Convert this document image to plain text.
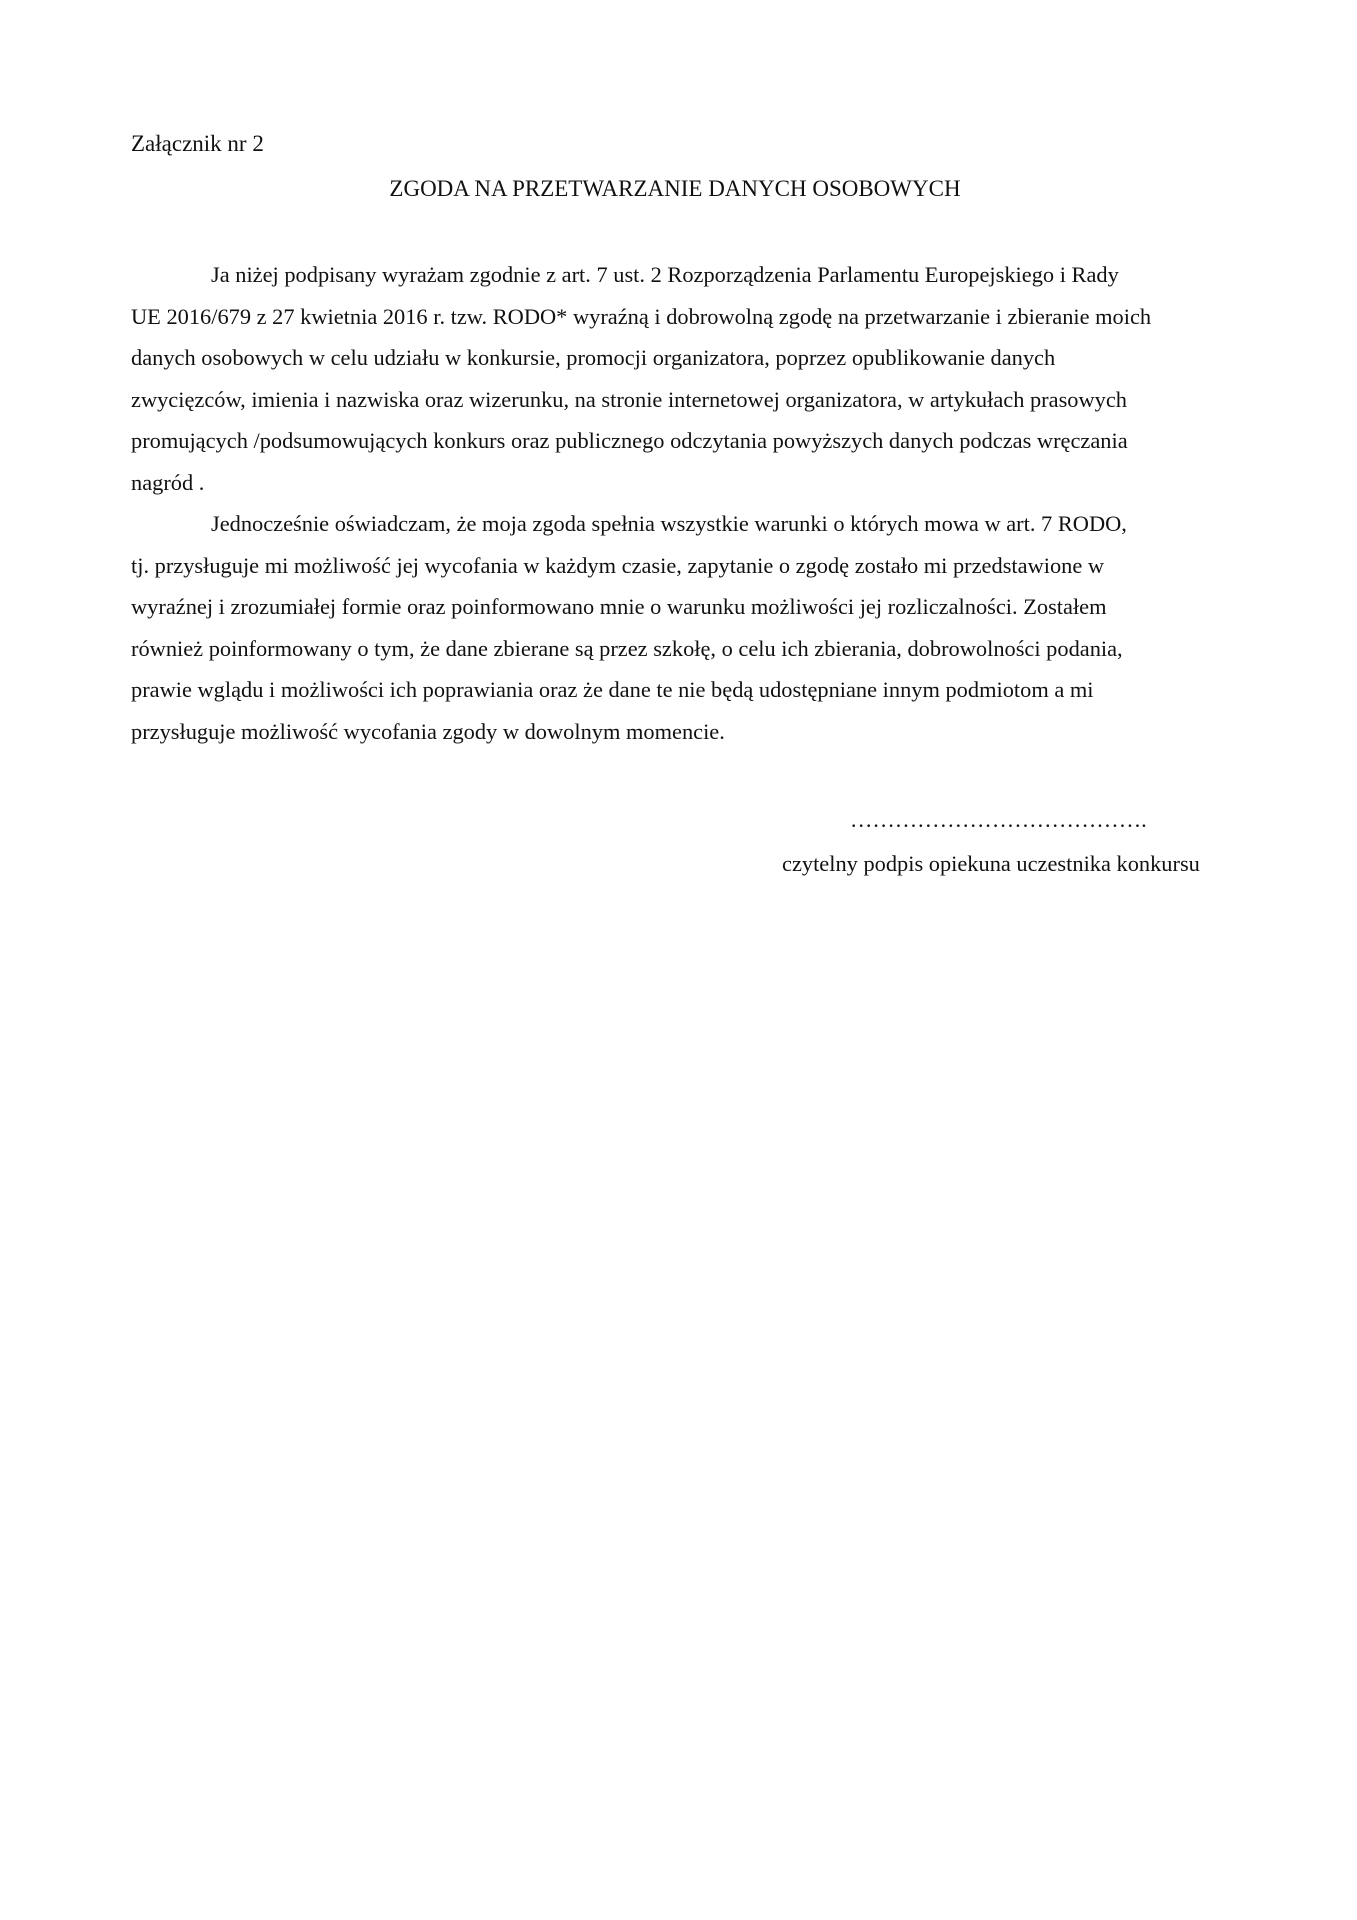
Załącznik nr 2
ZGODA NA PRZETWARZANIE DANYCH OSOBOWYCH
Ja niżej podpisany wyrażam zgodnie z art. 7 ust. 2 Rozporządzenia Parlamentu Europejskiego i Rady
UE 2016/679 z 27 kwietnia 2016 r. tzw. RODO* wyraźną i dobrowolną zgodę na przetwarzanie i zbieranie moich
danych osobowych w celu udziału w konkursie, promocji organizatora, poprzez opublikowanie danych
zwycięzców, imienia i nazwiska oraz wizerunku, na stronie internetowej organizatora, w artykułach prasowych
promujących /podsumowujących konkurs oraz publicznego odczytania powyższych danych podczas wręczania
nagród .
Jednocześnie oświadczam, że moja zgoda spełnia wszystkie warunki o których mowa w art. 7 RODO,
tj. przysługuje mi możliwość jej wycofania w każdym czasie, zapytanie o zgodę zostało mi przedstawione w
wyraźnej i zrozumiałej formie oraz poinformowano mnie o warunku możliwości jej rozliczalności. Zostałem
również poinformowany o tym, że dane zbierane są przez szkołę, o celu ich zbierania, dobrowolności podania,
prawie wglądu i możliwości ich poprawiania oraz że dane te nie będą udostępniane innym podmiotom a mi
przysługuje możliwość wycofania zgody w dowolnym momencie.
………………………………….
czytelny podpis opiekuna uczestnika konkursu
